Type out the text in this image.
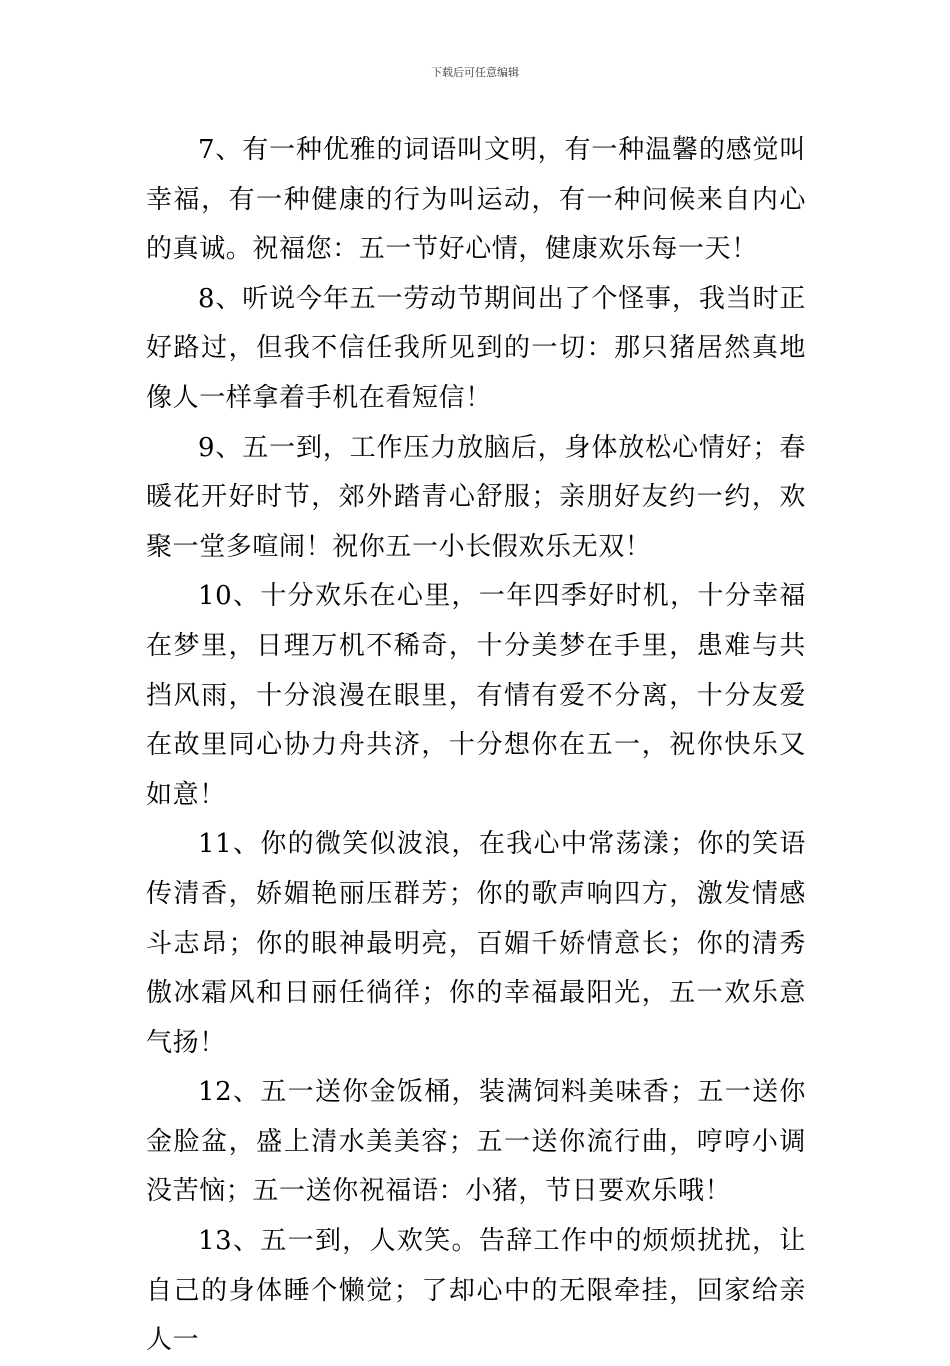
下载后可任意编辑

7、有一种优雅的词语叫文明，有一种温馨的感觉叫幸福，有一种健康的行为叫运动，有一种问候来自内心的真诚。祝福您：五一节好心情，健康欢乐每一天！

8、听说今年五一劳动节期间出了个怪事，我当时正好路过，但我不信任我所见到的一切：那只猪居然真地像人一样拿着手机在看短信！

9、五一到，工作压力放脑后，身体放松心情好；春暖花开好时节，郊外踏青心舒服；亲朋好友约一约，欢聚一堂多喧闹！祝你五一小长假欢乐无双！

10、十分欢乐在心里，一年四季好时机，十分幸福在梦里，日理万机不稀奇，十分美梦在手里，患难与共挡风雨，十分浪漫在眼里，有情有爱不分离，十分友爱在故里同心协力舟共济，十分想你在五一，祝你快乐又如意！

11、你的微笑似波浪，在我心中常荡漾；你的笑语传清香，娇媚艳丽压群芳；你的歌声响四方，激发情感斗志昂；你的眼神最明亮，百媚千娇情意长；你的清秀傲冰霜风和日丽任徜徉；你的幸福最阳光，五一欢乐意气扬！

12、五一送你金饭桶，装满饲料美味香；五一送你金脸盆，盛上清水美美容；五一送你流行曲，哼哼小调没苦恼；五一送你祝福语：小猪，节日要欢乐哦！

13、五一到，人欢笑。告辞工作中的烦烦扰扰，让自己的身体睡个懒觉；了却心中的无限牵挂，回家给亲人一
